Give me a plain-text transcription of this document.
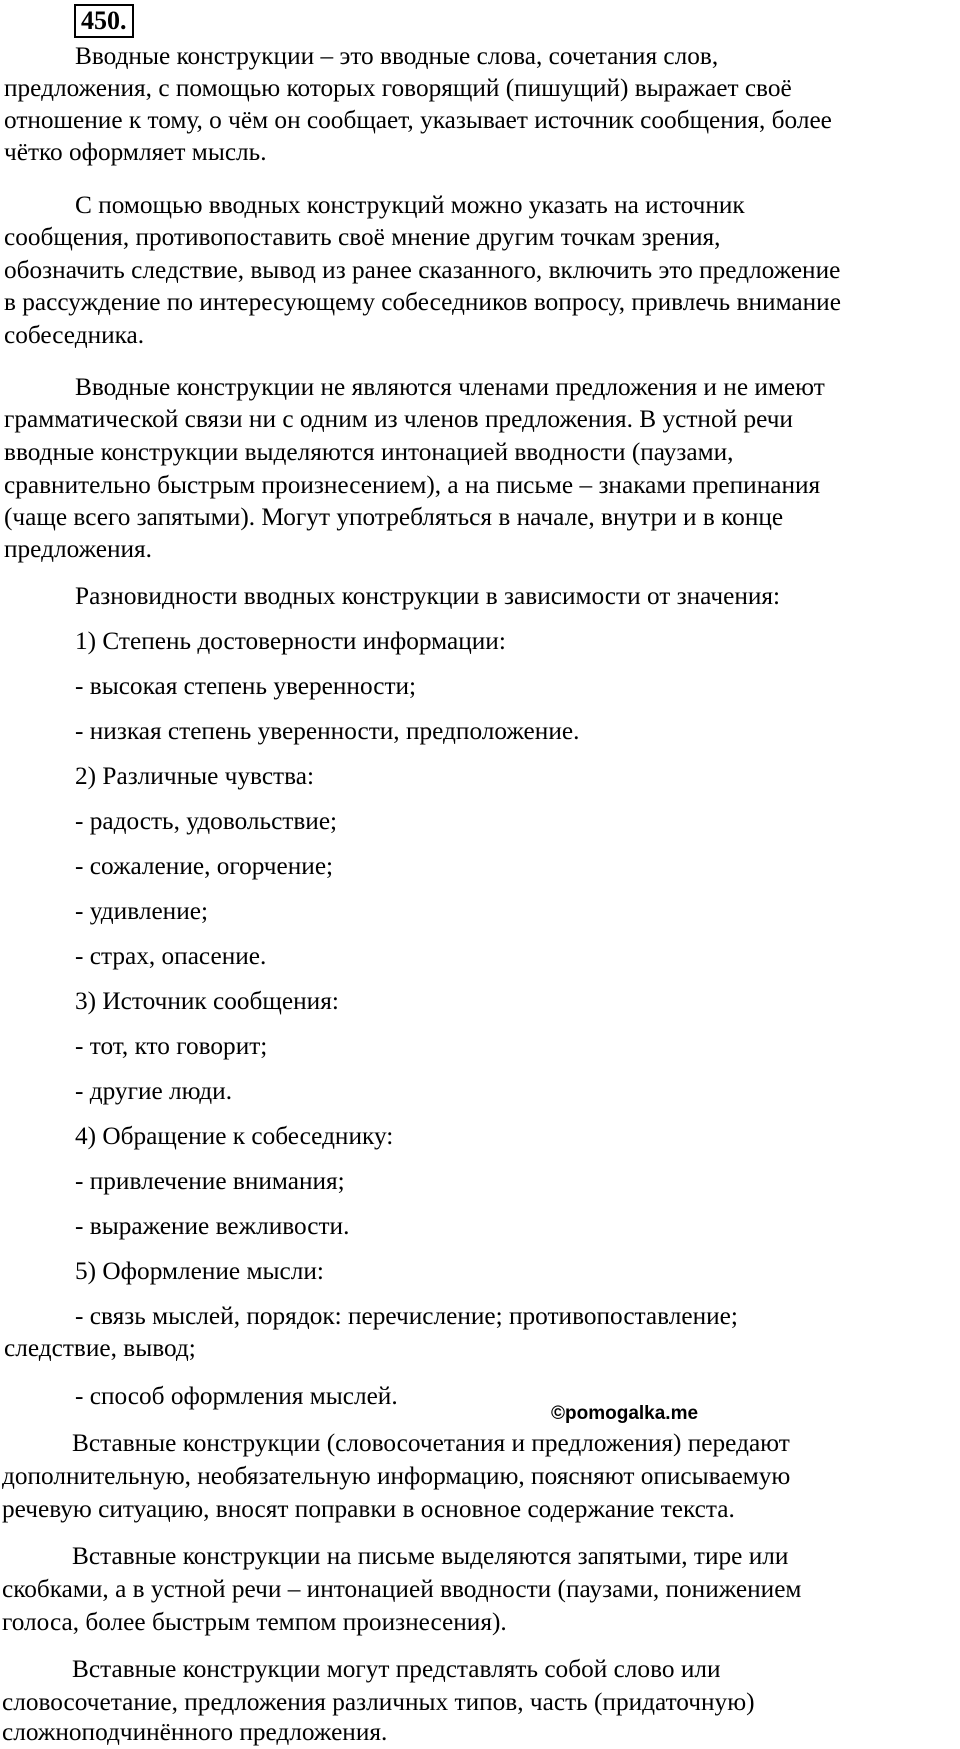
450.
Вводные конструкции – это вводные слова, сочетания слов,
предложения, с помощью которых говорящий (пишущий) выражает своё
отношение к тому, о чём он сообщает, указывает источник сообщения, более
чётко оформляет мысль.
С помощью вводных конструкций можно указать на источник
сообщения, противопоставить своё мнение другим точкам зрения,
обозначить следствие, вывод из ранее сказанного, включить это предложение
в рассуждение по интересующему собеседников вопросу, привлечь внимание
собеседника.
Вводные конструкции не являются членами предложения и не имеют
грамматической связи ни с одним из членов предложения. В устной речи
вводные конструкции выделяются интонацией вводности (паузами,
сравнительно быстрым произнесением), а на письме – знаками препинания
(чаще всего запятыми). Могут употребляться в начале, внутри и в конце
предложения.
Разновидности вводных конструкции в зависимости от значения:
1) Степень достоверности информации:
- высокая степень уверенности;
- низкая степень уверенности, предположение.
2) Различные чувства:
- радость, удовольствие;
- сожаление, огорчение;
- удивление;
- страх, опасение.
3) Источник сообщения:
- тот, кто говорит;
- другие люди.
4) Обращение к собеседнику:
- привлечение внимания;
- выражение вежливости.
5) Оформление мысли:
- связь мыслей, порядок: перечисление; противопоставление;
следствие, вывод;
- способ оформления мыслей.
©pomogalka.me
Вставные конструкции (словосочетания и предложения) передают
дополнительную, необязательную информацию, поясняют описываемую
речевую ситуацию, вносят поправки в основное содержание текста.
Вставные конструкции на письме выделяются запятыми, тире или
скобками, а в устной речи – интонацией вводности (паузами, понижением
голоса, более быстрым темпом произнесения).
Вставные конструкции могут представлять собой слово или
словосочетание, предложения различных типов, часть (придаточную)
сложноподчинённого предложения.
